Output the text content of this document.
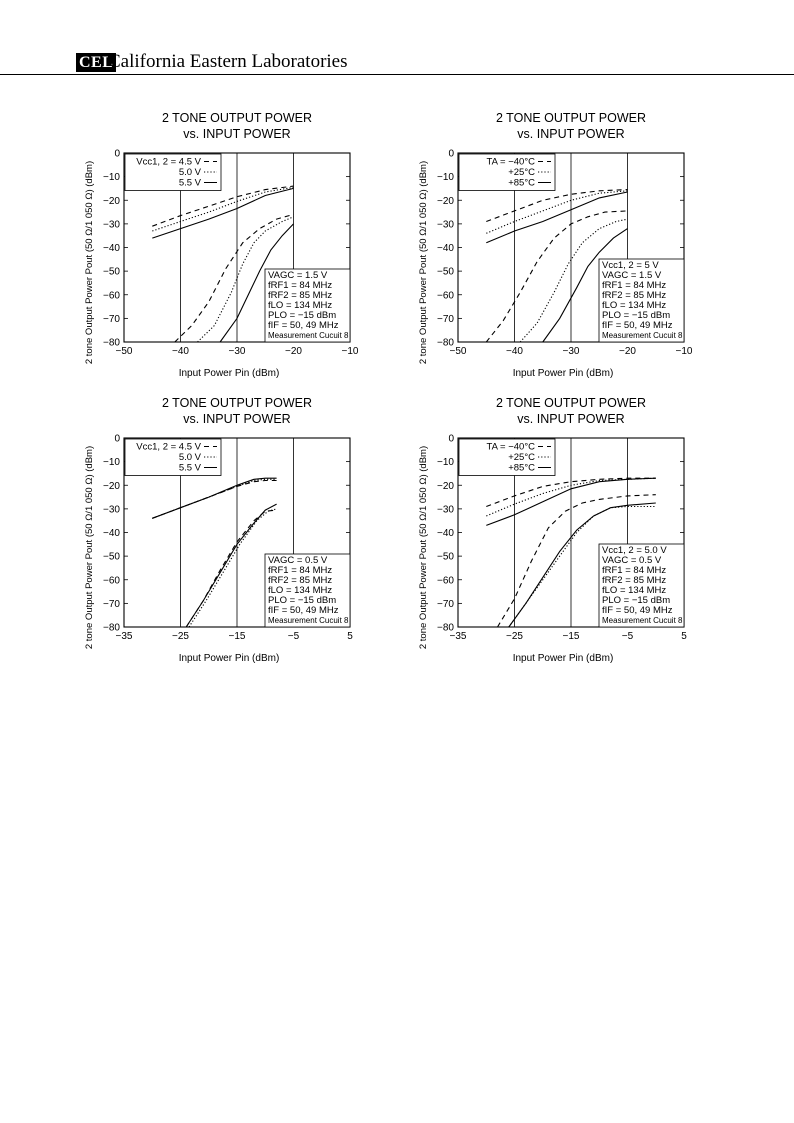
CEL
California Eastern Laboratories
2 TONE OUTPUT POWER
vs. INPUT POWER
−50	−40	−30	−20	−10
0
−10
−20
−30
−40
−50
−60
−70
−80
Input Power Pin (dBm)
2 tone Output Power Pout (50 Ω/1 050 Ω) (dBm)	Vcc1, 2 = 4.5 V
5.0 V
5.5 V
VAGC = 1.5 V
fRF1 = 84 MHz
fRF2 = 85 MHz
fLO = 134 MHz
PLO = −15 dBm
fIF = 50, 49 MHz
Measurement Cucuit 8
2 TONE OUTPUT POWER
vs. INPUT POWER
−50	−40	−30	−20	−10
0
−10
−20
−30
−40
−50
−60
−70
−80
Input Power Pin (dBm)
2 tone Output Power Pout (50 Ω/1 050 Ω) (dBm)	TA = −40°C
+25°C
+85°C
Vcc1, 2 = 5 V
VAGC = 1.5 V
fRF1 = 84 MHz
fRF2 = 85 MHz
fLO = 134 MHz
PLO = −15 dBm
fIF = 50, 49 MHz
Measurement Cucuit 8
2 TONE OUTPUT POWER
vs. INPUT POWER
−35	−25	−15	−5	5
0
−10
−20
−30
−40
−50
−60
−70
−80
Input Power Pin (dBm)
2 tone Output Power Pout (50 Ω/1 050 Ω) (dBm)	Vcc1, 2 = 4.5 V
5.0 V
5.5 V
VAGC = 0.5 V
fRF1 = 84 MHz
fRF2 = 85 MHz
fLO = 134 MHz
PLO = −15 dBm
fIF = 50, 49 MHz
Measurement Cucuit 8
2 TONE OUTPUT POWER
vs. INPUT POWER
−35	−25	−15	−5	5
0
−10
−20
−30
−40
−50
−60
−70
−80
Input Power Pin (dBm)
2 tone Output Power Pout (50 Ω/1 050 Ω) (dBm)	TA = −40°C
+25°C
+85°C
Vcc1, 2 = 5.0 V
VAGC = 0.5 V
fRF1 = 84 MHz
fRF2 = 85 MHz
fLO = 134 MHz
PLO = −15 dBm
fIF = 50, 49 MHz
Measurement Cucuit 8
